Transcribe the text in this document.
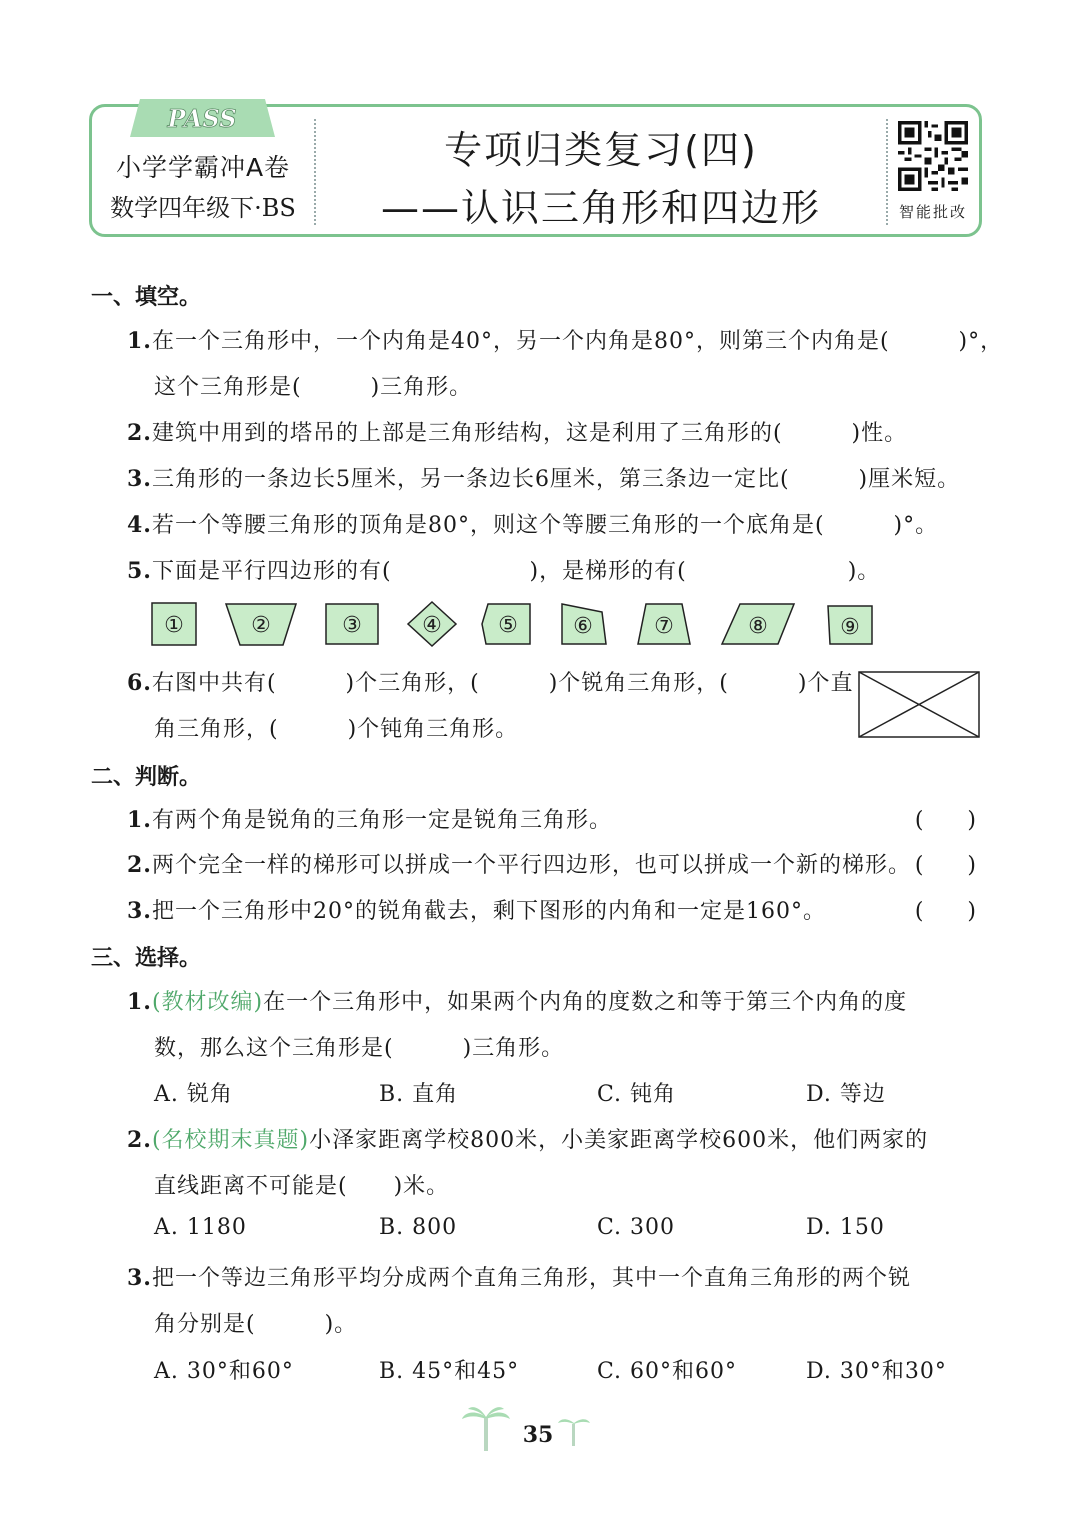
PASS
小学学霸冲A卷
数学四年级下·BS
专项归类复习(四)
——认识三角形和四边形	智能批改
一、填空。
1.在一个三角形中，一个内角是40°，另一个内角是80°，则第三个内角是(　　　)°，
这个三角形是(　　　)三角形。
2.建筑中用到的塔吊的上部是三角形结构，这是利用了三角形的(　　　)性。
3.三角形的一条边长5厘米，另一条边长6厘米，第三条边一定比(　　　)厘米短。
4.若一个等腰三角形的顶角是80°，则这个等腰三角形的一个底角是(　　　)°。
5.下面是平行四边形的有(　　　　　　)，是梯形的有(　　　　　　　)。
①	②	③	④	⑤	⑥	⑦	⑧	⑨
6.右图中共有(　　　)个三角形，(　　　)个锐角三角形，(　　　)个直
角三角形，(　　　)个钝角三角形。
二、判断。
1.有两个角是锐角的三角形一定是锐角三角形。	(　　)
2.两个完全一样的梯形可以拼成一个平行四边形，也可以拼成一个新的梯形。 (　　)
3.把一个三角形中20°的锐角截去，剩下图形的内角和一定是160°。	(　　)
三、选择。
1.(教材改编)在一个三角形中，如果两个内角的度数之和等于第三个内角的度
数，那么这个三角形是(　　　)三角形。
A. 锐角	B. 直角	C. 钝角	D. 等边
2.(名校期末真题)小泽家距离学校800米，小美家距离学校600米，他们两家的
直线距离不可能是(　　)米。
A. 1180	B. 800	C. 300	D. 150
3.把一个等边三角形平均分成两个直角三角形，其中一个直角三角形的两个锐
角分别是(　　　)。
A. 30°和60°	B. 45°和45°	C. 60°和60°	D. 30°和30°
35
